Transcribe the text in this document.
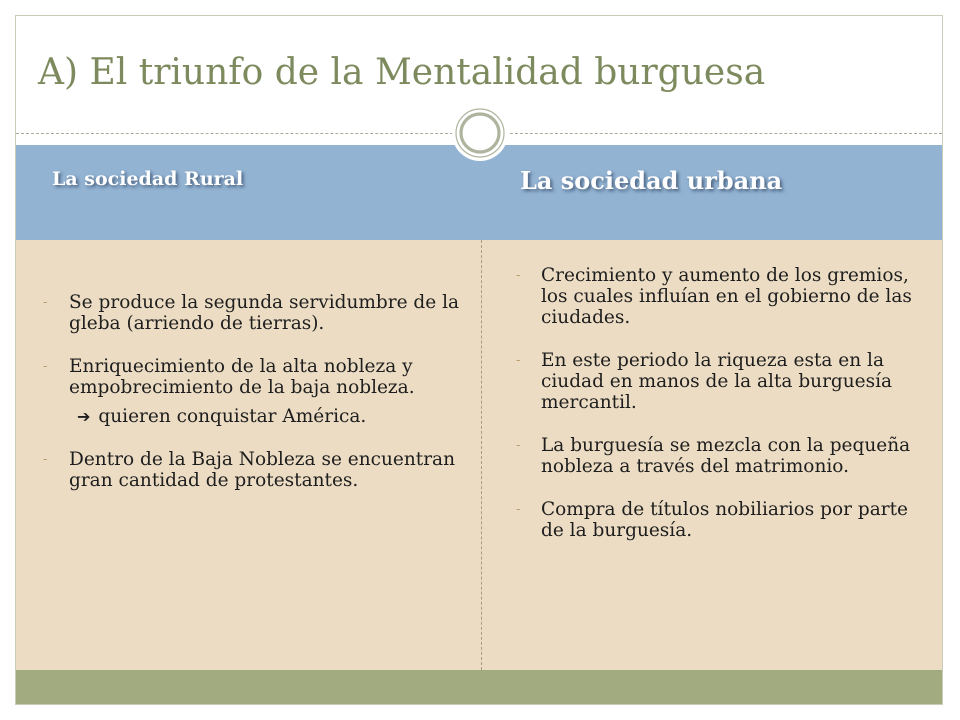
A) El triunfo de la Mentalidad burguesa
La sociedad Rural	La sociedad urbana
- Se produce la segunda servidumbre de la gleba (arriendo de tierras).
- Enriquecimiento de la alta nobleza y empobrecimiento de la baja nobleza.
➔ quieren conquistar América.
- Dentro de la Baja Nobleza se encuentran gran cantidad de protestantes.
- Crecimiento y aumento de los gremios, los cuales influían en el gobierno de las ciudades.
- En este periodo la riqueza esta en la ciudad en manos de la alta burguesía mercantil.
- La burguesía se mezcla con la pequeña nobleza a través del matrimonio.
- Compra de títulos nobiliarios por parte de la burguesía.
